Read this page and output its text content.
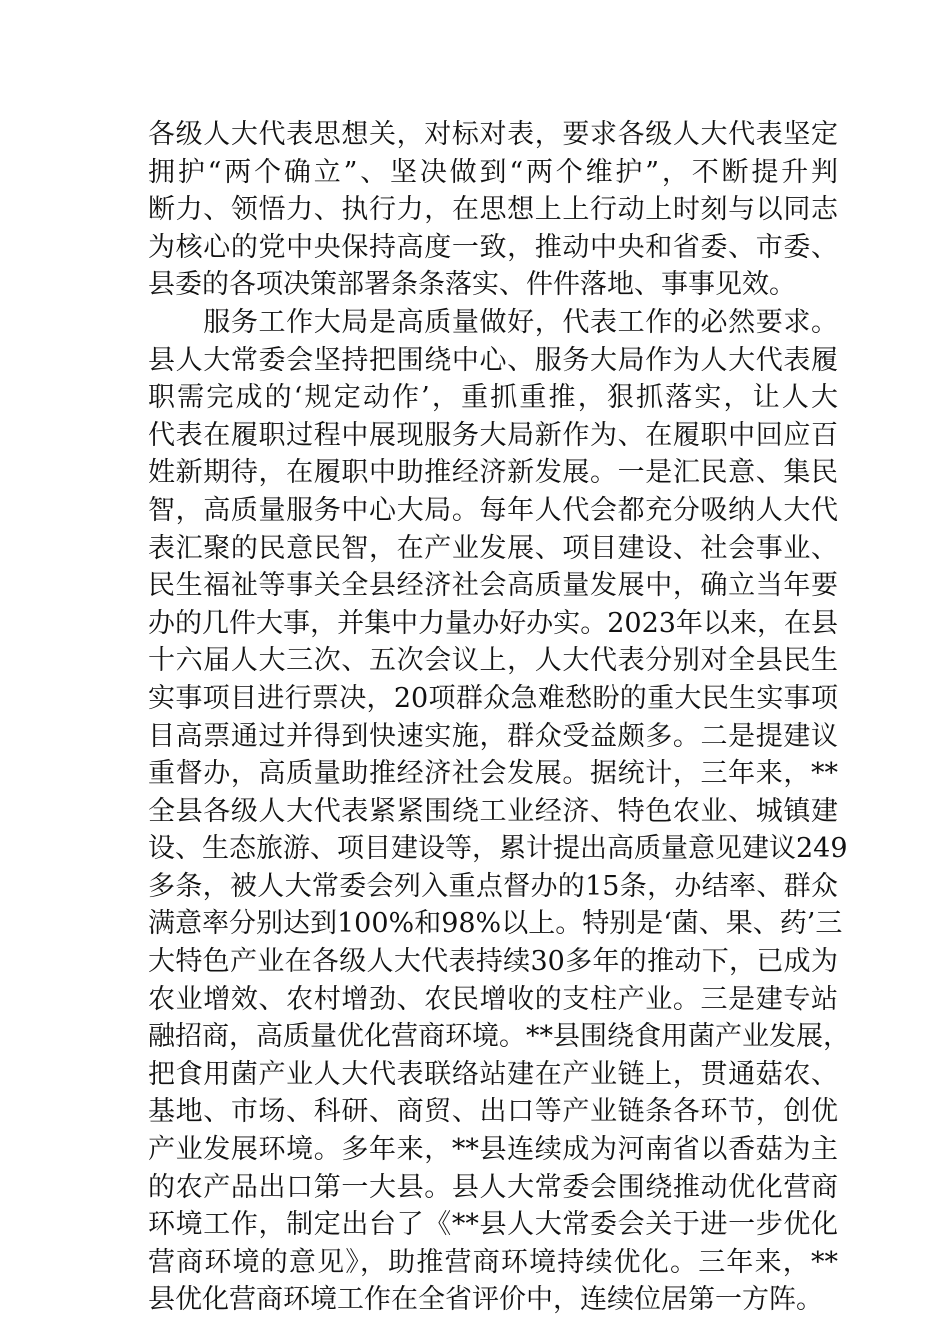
各级人大代表思想关，对标对表，要求各级人大代表坚定
拥护“两个确立”、坚决做到“两个维护”，不断提升判
断力、领悟力、执行力，在思想上上行动上时刻与以同志
为核心的党中央保持高度一致，推动中央和省委、市委、
县委的各项决策部署条条落实、件件落地、事事见效。
　　服务工作大局是高质量做好，代表工作的必然要求。
县人大常委会坚持把围绕中心、服务大局作为人大代表履
职需完成的‘规定动作’，重抓重推，狠抓落实，让人大
代表在履职过程中展现服务大局新作为、在履职中回应百
姓新期待，在履职中助推经济新发展。一是汇民意、集民
智，高质量服务中心大局。每年人代会都充分吸纳人大代
表汇聚的民意民智，在产业发展、项目建设、社会事业、
民生福祉等事关全县经济社会高质量发展中，确立当年要
办的几件大事，并集中力量办好办实。2023年以来，在县
十六届人大三次、五次会议上，人大代表分别对全县民生
实事项目进行票决，20项群众急难愁盼的重大民生实事项
目高票通过并得到快速实施，群众受益颇多。二是提建议
重督办，高质量助推经济社会发展。据统计，三年来，**
全县各级人大代表紧紧围绕工业经济、特色农业、城镇建
设、生态旅游、项目建设等，累计提出高质量意见建议249
多条，被人大常委会列入重点督办的15条，办结率、群众
满意率分别达到100%和98%以上。特别是‘菌、果、药’三
大特色产业在各级人大代表持续30多年的推动下，已成为
农业增效、农村增劲、农民增收的支柱产业。三是建专站
融招商，高质量优化营商环境。**县围绕食用菌产业发展，
把食用菌产业人大代表联络站建在产业链上，贯通菇农、
基地、市场、科研、商贸、出口等产业链条各环节，创优
产业发展环境。多年来，**县连续成为河南省以香菇为主
的农产品出口第一大县。县人大常委会围绕推动优化营商
环境工作，制定出台了《**县人大常委会关于进一步优化
营商环境的意见》，助推营商环境持续优化。三年来，**
县优化营商环境工作在全省评价中，连续位居第一方阵。
